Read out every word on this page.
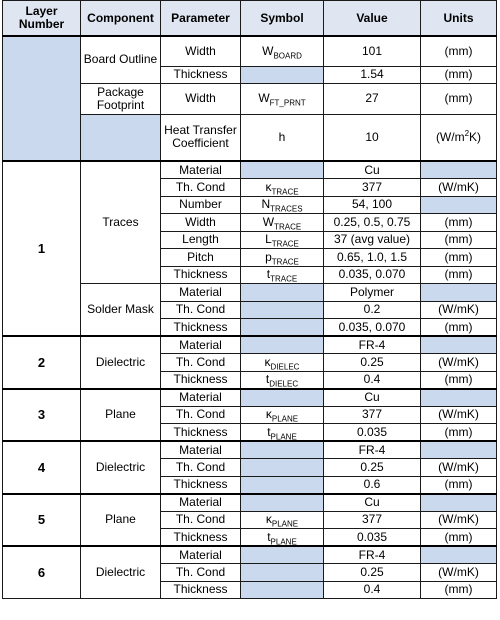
Layer Number	Component	Parameter	Symbol	Value	Units
	Board Outline	Width	$W_{BOARD}$	101	(mm)
		Thickness		1.54	(mm)
	Package Footprint	Width	$W_{FT\_PRNT}$	27	(mm)
		Heat Transfer Coefficient	h	10	$(W/m^2K)$
1	Traces	Material		Cu	
		Th. Cond	$\kappa_{TRACE}$	377	(W/mK)
		Number	$N_{TRACES}$	54, 100	
		Width	$W_{TRACE}$	0.25, 0.5, 0.75	(mm)
		Length	$L_{TRACE}$	37 (avg value)	(mm)
		Pitch	$p_{TRACE}$	0.65, 1.0, 1.5	(mm)
		Thickness	$t_{TRACE}$	0.035, 0.070	(mm)
	Solder Mask	Material		Polymer	
		Th. Cond		0.2	(W/mK)
		Thickness		0.035, 0.070	(mm)
2	Dielectric	Material		FR-4	
		Th. Cond	$\kappa_{DIELEC}$	0.25	(W/mK)
		Thickness	$t_{DIELEC}$	0.4	(mm)
3	Plane	Material		Cu	
		Th. Cond	$\kappa_{PLANE}$	377	(W/mK)
		Thickness	$t_{PLANE}$	0.035	(mm)
4	Dielectric	Material		FR-4	
		Th. Cond		0.25	(W/mK)
		Thickness		0.6	(mm)
5	Plane	Material		Cu	
		Th. Cond	$\kappa_{PLANE}$	377	(W/mK)
		Thickness	$t_{PLANE}$	0.035	(mm)
6	Dielectric	Material		FR-4	
		Th. Cond		0.25	(W/mK)
		Thickness		0.4	(mm)
